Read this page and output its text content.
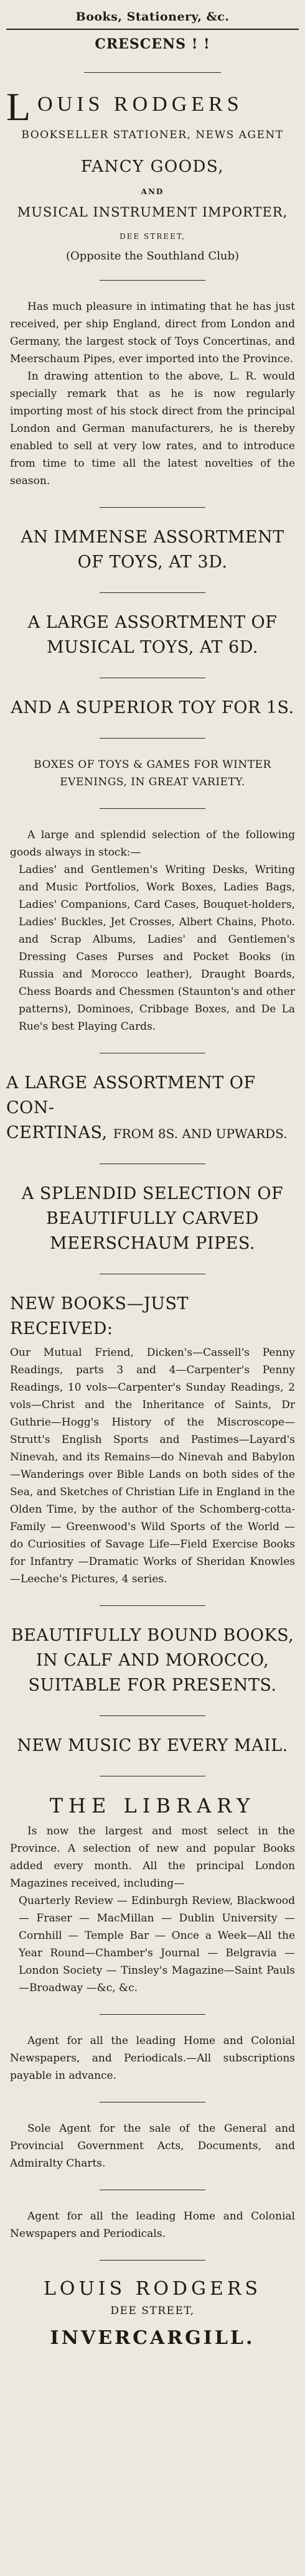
Books, Stationery, &c.
CRESCENS ! !
L OUIS RODGERS
BOOKSELLER STATIONER, NEWS AGENT
FANCY GOODS,
AND
MUSICAL INSTRUMENT IMPORTER,
DEE STREET,
(Opposite the Southland Club)

Has much pleasure in intimating that he has just received, per ship England, direct from London and Germany, the largest stock of Toys Concertinas, and Meerschaum Pipes, ever imported into the Province.

In drawing attention to the above, L. R. would specially remark that as he is now regularly importing most of his stock direct from the principal London and German manufacturers, he is thereby enabled to sell at very low rates, and to introduce from time to time all the latest novelties of the season.

AN IMMENSE ASSORTMENT OF TOYS, AT 3D.
A LARGE ASSORTMENT OF MUSICAL TOYS, AT 6D.
AND A SUPERIOR TOY FOR 1S.
BOXES OF TOYS & GAMES FOR WINTER EVENINGS, IN GREAT VARIETY.

A large and splendid selection of the following goods always in stock:—

Ladies' and Gentlemen's Writing Desks, Writing and Music Portfolios, Work Boxes, Ladies Bags, Ladies' Companions, Card Cases, Bouquet-holders, Ladies' Buckles, Jet Crosses, Albert Chains, Photo. and Scrap Albums, Ladies' and Gentlemen's Dressing Cases Purses and Pocket Books (in Russia and Morocco leather), Draught Boards, Chess Boards and Chessmen (Staunton's and other patterns), Dominoes, Cribbage Boxes, and De La Rue's best Playing Cards.

A LARGE ASSORTMENT OF CON-
CERTINAS, FROM 8S. AND UPWARDS.
A SPLENDID SELECTION OF BEAUTIFULLY CARVED MEERSCHAUM PIPES.
NEW BOOKS—JUST RECEIVED:

Our Mutual Friend, Dicken's—Cassell's Penny Readings, parts 3 and 4—Carpenter's Penny Readings, 10 vols—Carpenter's Sunday Readings, 2 vols—Christ and the Inheritance of Saints, Dr Guthrie—Hogg's History of the Miscroscope—Strutt's English Sports and Pastimes—Layard's Ninevah, and its Remains—do Ninevah and Babylon—Wanderings over Bible Lands on both sides of the Sea, and Sketches of Christian Life in England in the Olden Time, by the author of the Schomberg-cotta-Family — Greenwood's Wild Sports of the World — do Curiosities of Savage Life—Field Exercise Books for Infantry —Dramatic Works of Sheridan Knowles—Leeche's Pictures, 4 series.

BEAUTIFULLY BOUND BOOKS, IN CALF AND MOROCCO, SUITABLE FOR PRESENTS.
NEW MUSIC BY EVERY MAIL.
THE LIBRARY

Is now the largest and most select in the Province. A selection of new and popular Books added every month. All the principal London Magazines received, including—

Quarterly Review — Edinburgh Review, Blackwood — Fraser — MacMillan — Dublin University — Cornhill — Temple Bar — Once a Week—All the Year Round—Chamber's Journal — Belgravia — London Society — Tinsley's Magazine—Saint Pauls—Broadway —&c, &c.

Agent for all the leading Home and Colonial Newspapers, and Periodicals.—All subscriptions payable in advance.

Sole Agent for the sale of the General and Provincial Government Acts, Documents, and Admiralty Charts.

Agent for all the leading Home and Colonial Newspapers and Periodicals.

LOUIS RODGERS
DEE STREET,
INVERCARGILL.
